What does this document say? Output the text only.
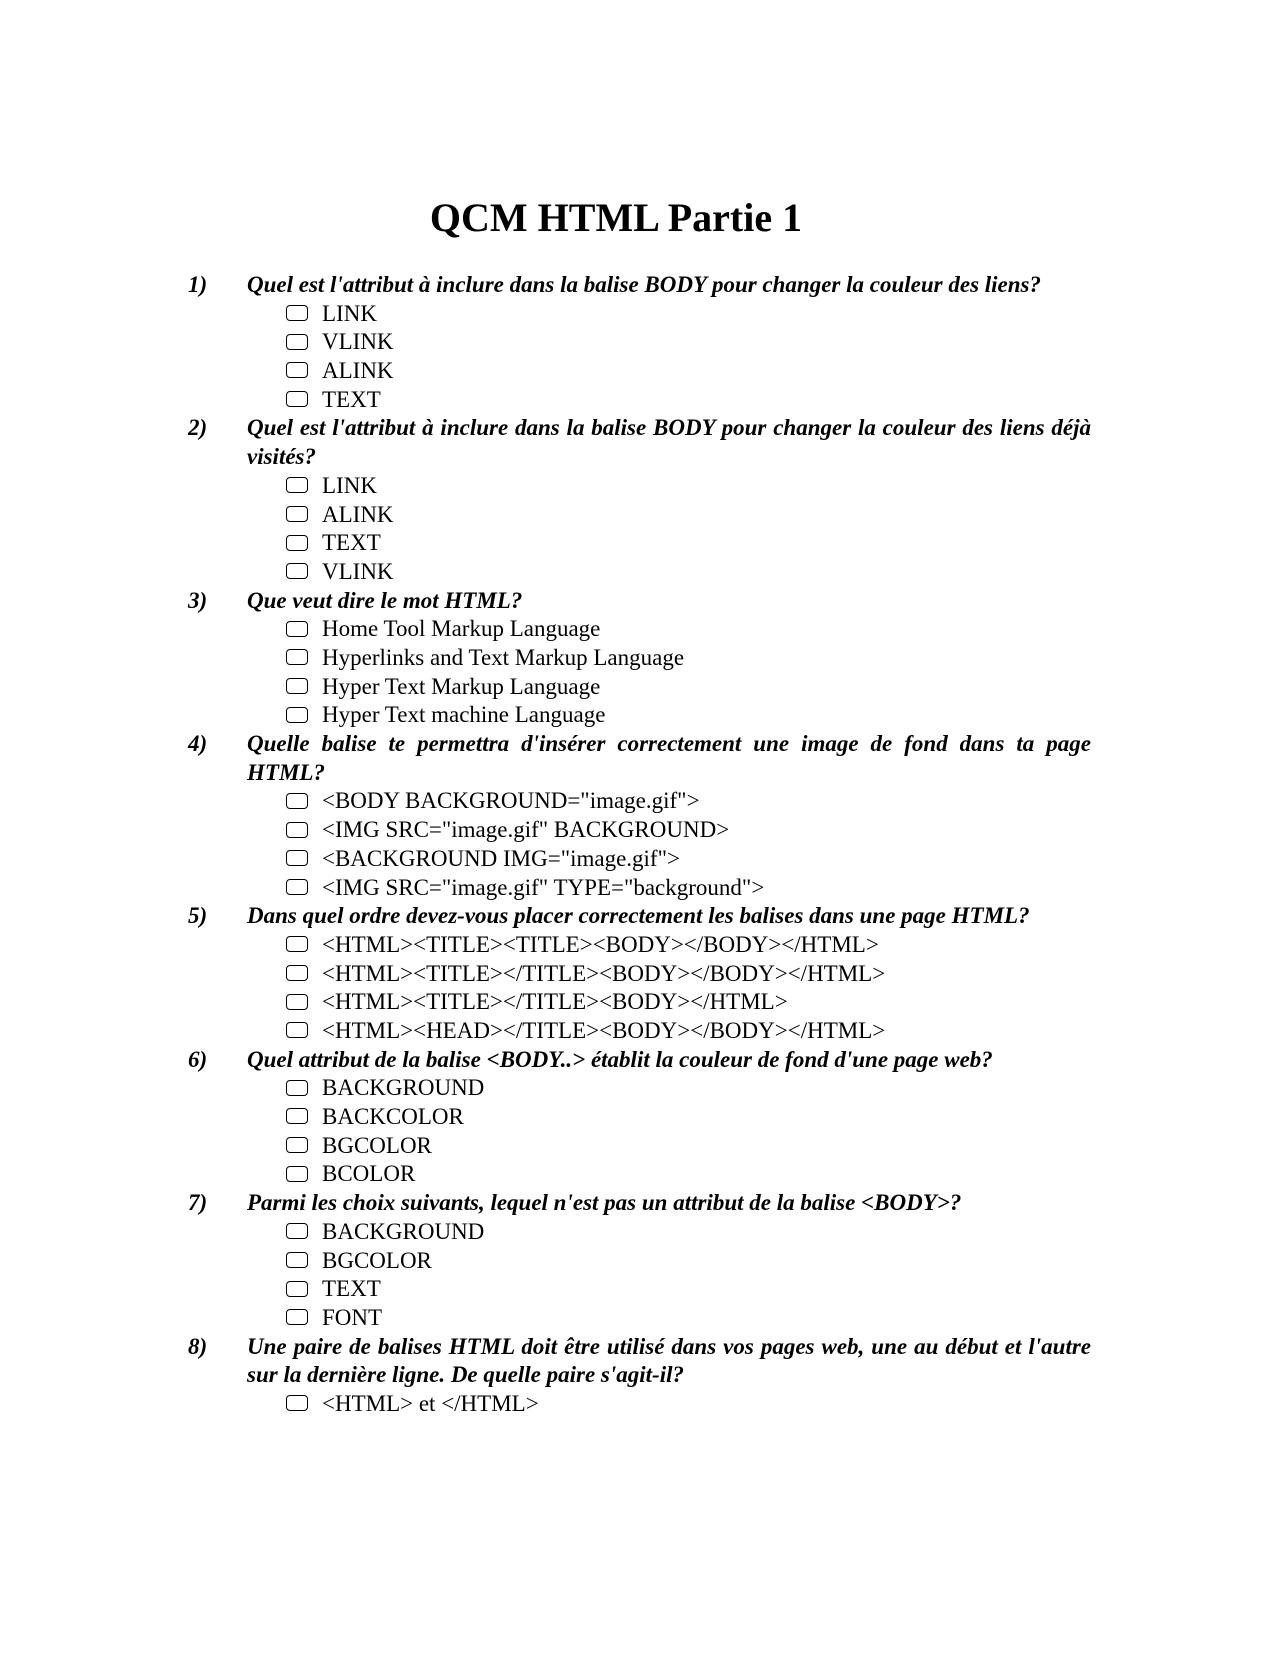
QCM HTML Partie 1
1) Quel est l'attribut à inclure dans la balise BODY pour changer la couleur des liens?
LINK
VLINK
ALINK
TEXT
2) Quel est l'attribut à inclure dans la balise BODY pour changer la couleur des liens déjà visités?
LINK
ALINK
TEXT
VLINK
3) Que veut dire le mot HTML?
Home Tool Markup Language
Hyperlinks and Text Markup Language
Hyper Text Markup Language
Hyper Text machine Language
4) Quelle balise te permettra d'insérer correctement une image de fond dans ta page HTML?
<BODY BACKGROUND="image.gif">
<IMG SRC="image.gif" BACKGROUND>
<BACKGROUND IMG="image.gif">
<IMG SRC="image.gif" TYPE="background">
5) Dans quel ordre devez-vous placer correctement les balises dans une page HTML?
<HTML><TITLE><TITLE><BODY></BODY></HTML>
<HTML><TITLE></TITLE><BODY></BODY></HTML>
<HTML><TITLE></TITLE><BODY></HTML>
<HTML><HEAD></TITLE><BODY></BODY></HTML>
6) Quel attribut de la balise <BODY..> établit la couleur de fond d'une page web?
BACKGROUND
BACKCOLOR
BGCOLOR
BCOLOR
7) Parmi les choix suivants, lequel n'est pas un attribut de la balise <BODY>?
BACKGROUND
BGCOLOR
TEXT
FONT
8) Une paire de balises HTML doit être utilisé dans vos pages web, une au début et l'autre sur la dernière ligne. De quelle paire s'agit-il?
<HTML> et </HTML>
